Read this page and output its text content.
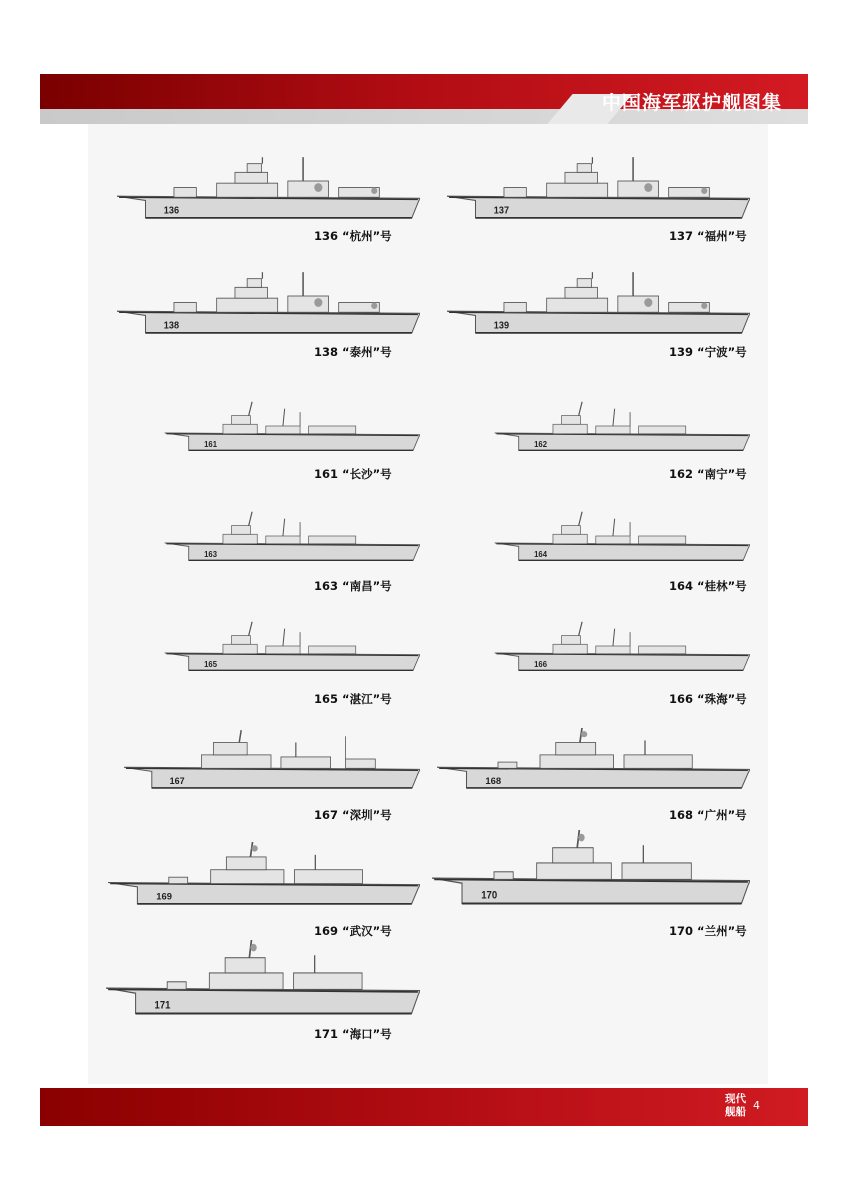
中国海军驱护舰图集
136
136 “杭州”号
137
137 “福州”号
138
138 “泰州”号
139
139 “宁波”号
161
161 “长沙”号
162
162 “南宁”号
163
163 “南昌”号
164
164 “桂林”号
165
165 “湛江”号
166
166 “珠海”号
167
167 “深圳”号
168
168 “广州”号
169
169 “武汉”号
170
170 “兰州”号
171
171 “海口”号
现代
舰船 4
